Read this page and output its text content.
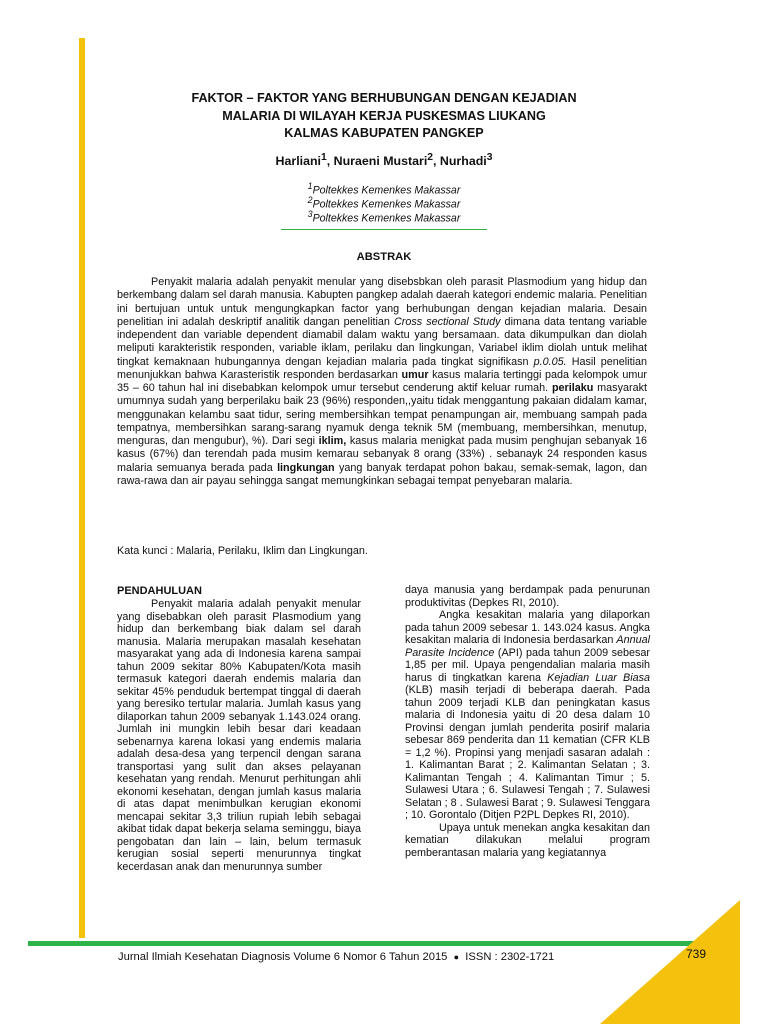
FAKTOR – FAKTOR YANG BERHUBUNGAN DENGAN KEJADIAN
MALARIA DI WILAYAH KERJA PUSKESMAS LIUKANG
KALMAS KABUPATEN PANGKEP
Harliani$^1$, Nuraeni Mustari$^2$, Nurhadi$^3$
$^1$Poltekkes Kemenkes Makassar
$^2$Poltekkes Kemenkes Makassar
$^3$Poltekkes Kemenkes Makassar
ABSTRAK
Penyakit malaria adalah penyakit menular yang disebsbkan oleh parasit Plasmodium yang hidup dan berkembang dalam sel darah manusia. Kabupten pangkep adalah daerah kategori endemic malaria. Penelitian ini bertujuan untuk untuk mengungkapkan factor yang berhubungan dengan kejadian malaria. Desain penelitian ini adalah deskriptif analitik dangan penelitian Cross sectional Study dimana data tentang variable independent dan variable dependent diamabil dalam waktu yang bersamaan. data dikumpulkan dan diolah meliputi karakteristik responden, variable iklam, perilaku dan lingkungan, Variabel iklim diolah untuk melihat tingkat kemaknaan hubungannya dengan kejadian malaria pada tingkat signifikasn p.0.05. Hasil penelitian menunjukkan bahwa Karasteristik responden berdasarkan umur kasus malaria tertinggi pada kelompok umur 35 – 60 tahun hal ini disebabkan kelompok umur tersebut cenderung aktif keluar rumah. perilaku masyarakt umumnya sudah yang berperilaku baik 23 (96%) responden,,yaitu tidak menggantung pakaian didalam kamar, menggunakan kelambu saat tidur, sering membersihkan tempat penampungan air, membuang sampah pada tempatnya, membersihkan sarang-sarang nyamuk denga teknik 5M (membuang, membersihkan, menutup, menguras, dan mengubur), %). Dari segi iklim, kasus malaria menigkat pada musim penghujan sebanyak 16 kasus (67%) dan terendah pada musim kemarau sebanyak 8 orang (33%) . sebanayk 24 responden kasus malaria semuanya berada pada lingkungan yang banyak terdapat pohon bakau, semak-semak, lagon, dan rawa-rawa dan air payau sehingga sangat memungkinkan sebagai tempat penyebaran malaria.
Kata kunci : Malaria, Perilaku, Iklim dan Lingkungan.
PENDAHULUAN

Penyakit malaria adalah penyakit menular yang disebabkan oleh parasit Plasmodium yang hidup dan berkembang biak dalam sel darah manusia. Malaria merupakan masalah kesehatan masyarakat yang ada di Indonesia karena sampai tahun 2009 sekitar 80% Kabupaten/Kota masih termasuk kategori daerah endemis malaria dan sekitar 45% penduduk bertempat tinggal di daerah yang beresiko tertular malaria. Jumlah kasus yang dilaporkan tahun 2009 sebanyak 1.143.024 orang. Jumlah ini mungkin lebih besar dari keadaan sebenarnya karena lokasi yang endemis malaria adalah desa-desa yang terpencil dengan sarana transportasi yang sulit dan akses pelayanan kesehatan yang rendah. Menurut perhitungan ahli ekonomi kesehatan, dengan jumlah kasus malaria di atas dapat menimbulkan kerugian ekonomi mencapai sekitar 3,3 triliun rupiah lebih sebagai akibat tidak dapat bekerja selama seminggu, biaya pengobatan dan lain – lain, belum termasuk kerugian sosial seperti menurunnya tingkat kecerdasan anak dan menurunnya sumber

daya manusia yang berdampak pada penurunan produktivitas (Depkes RI, 2010).

Angka kesakitan malaria yang dilaporkan pada tahun 2009 sebesar 1. 143.024 kasus. Angka kesakitan malaria di Indonesia berdasarkan Annual Parasite Incidence (API) pada tahun 2009 sebesar 1,85 per mil. Upaya pengendalian malaria masih harus di tingkatkan karena Kejadian Luar Biasa (KLB) masih terjadi di beberapa daerah. Pada tahun 2009 terjadi KLB dan peningkatan kasus malaria di Indonesia yaitu di 20 desa dalam 10 Provinsi dengan jumlah penderita posirif malaria sebesar 869 penderita dan 11 kematian (CFR KLB = 1,2 %). Propinsi yang menjadi sasaran adalah : 1. Kalimantan Barat ; 2. Kalimantan Selatan ; 3. Kalimantan Tengah ; 4. Kalimantan Timur ; 5. Sulawesi Utara ; 6. Sulawesi Tengah ; 7. Sulawesi Selatan ; 8 . Sulawesi Barat ; 9. Sulawesi Tenggara ; 10. Gorontalo (Ditjen P2PL Depkes RI, 2010).

Upaya untuk menekan angka kesakitan dan kematian dilakukan melalui program pemberantasan malaria yang kegiatannya

Jurnal Ilmiah Kesehatan Diagnosis Volume 6 Nomor 6 Tahun 2015 ● ISSN : 2302-1721	739
